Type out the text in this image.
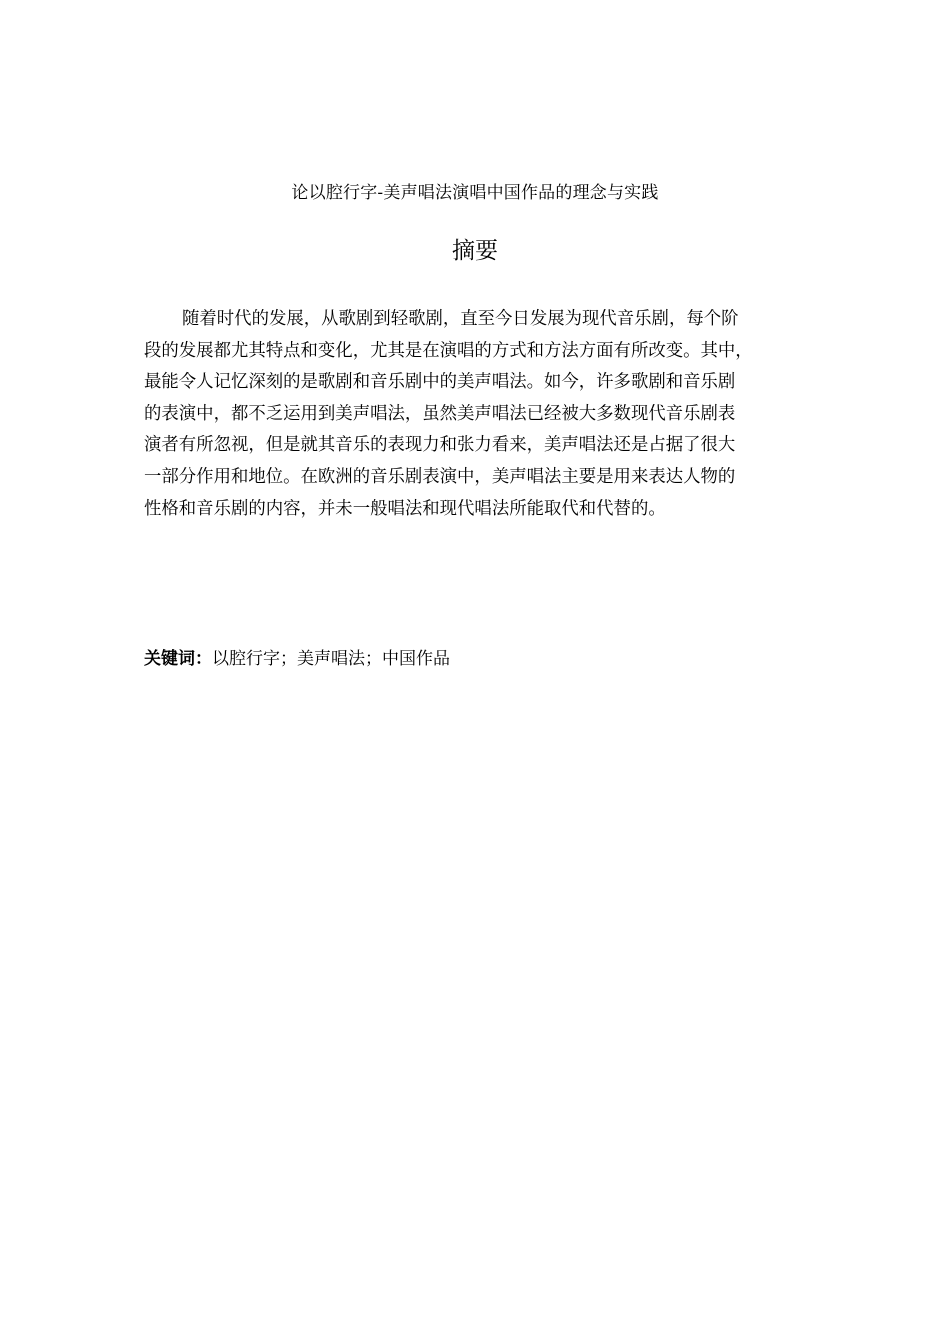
论以腔行字-美声唱法演唱中国作品的理念与实践
摘要
随着时代的发展，从歌剧到轻歌剧，直至今日发展为现代音乐剧，每个阶
段的发展都尤其特点和变化，尤其是在演唱的方式和方法方面有所改变。其中，
最能令人记忆深刻的是歌剧和音乐剧中的美声唱法。如今，许多歌剧和音乐剧
的表演中，都不乏运用到美声唱法，虽然美声唱法已经被大多数现代音乐剧表
演者有所忽视，但是就其音乐的表现力和张力看来，美声唱法还是占据了很大
一部分作用和地位。在欧洲的音乐剧表演中，美声唱法主要是用来表达人物的
性格和音乐剧的内容，并未一般唱法和现代唱法所能取代和代替的。
关键词：以腔行字；美声唱法；中国作品
